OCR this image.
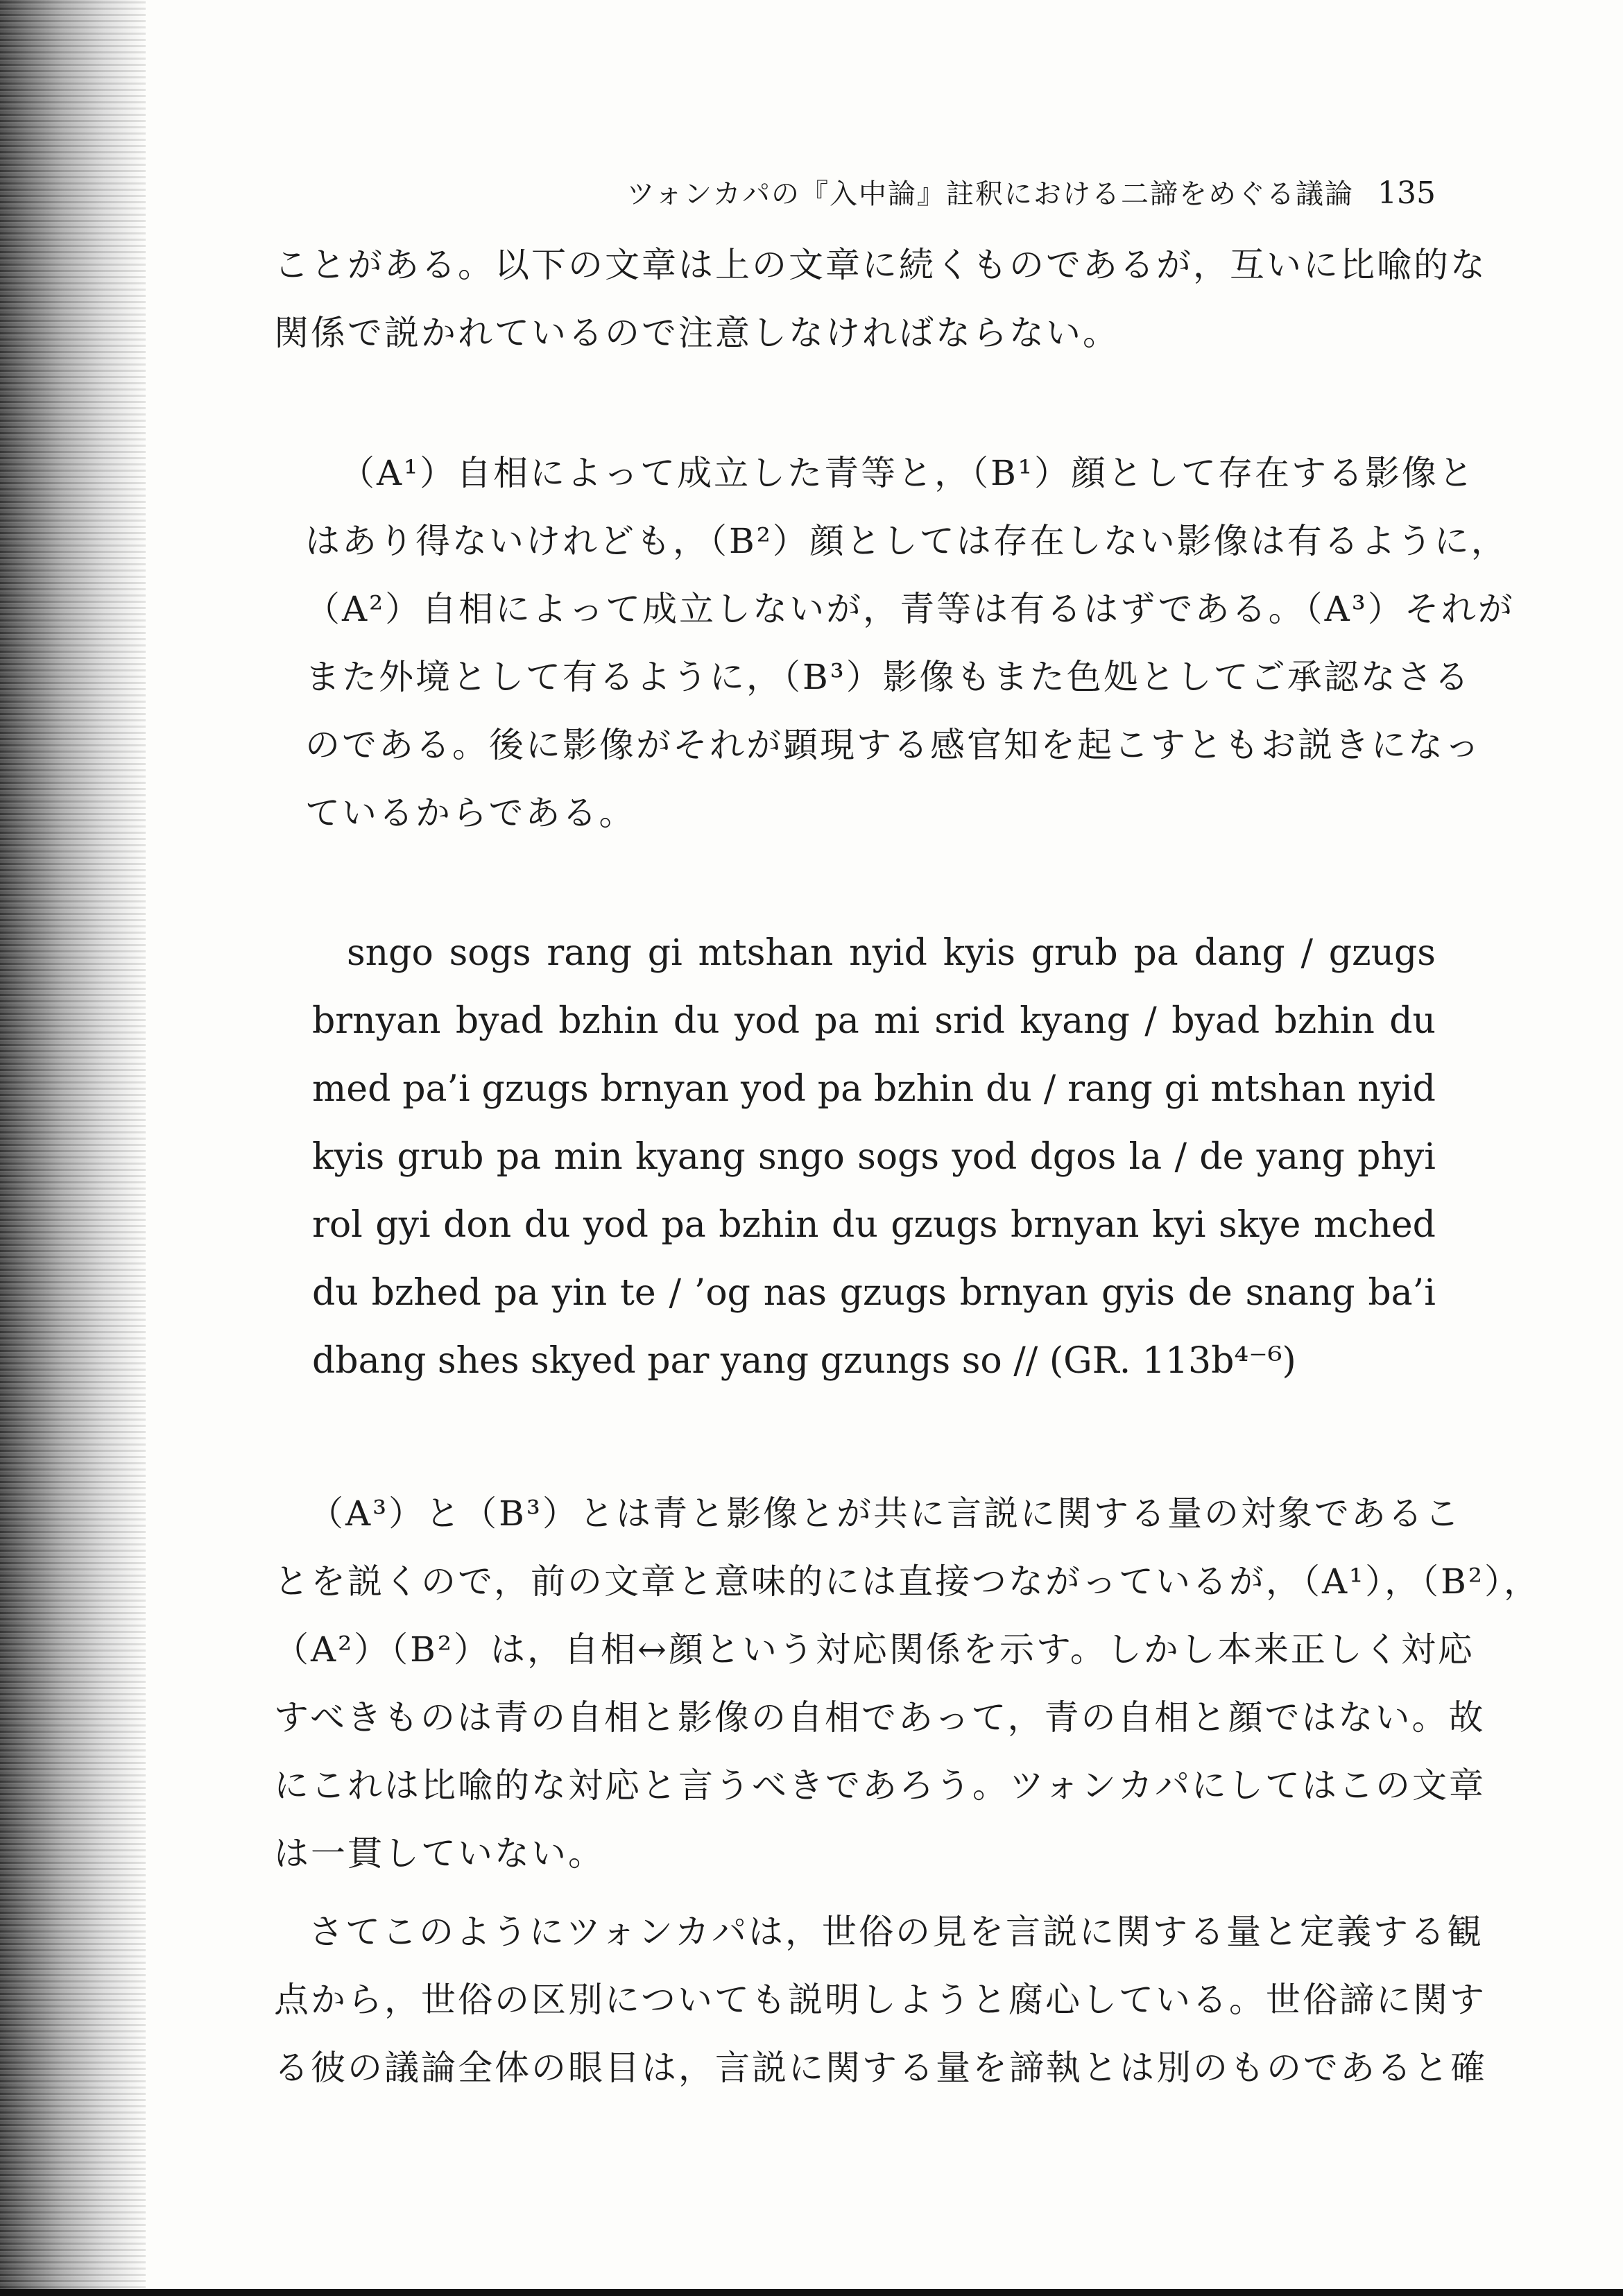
ツォンカパの『入中論』註釈における二諦をめぐる議論 135
ことがある。以下の文章は上の文章に続くものであるが，互いに比喩的な
関係で説かれているので注意しなければならない。
（A¹）自相によって成立した青等と，（B¹）顔として存在する影像と
はあり得ないけれども，（B²）顔としては存在しない影像は有るように，
（A²）自相によって成立しないが，青等は有るはずである。（A³）それが
また外境として有るように，（B³）影像もまた色処としてご承認なさる
のである。後に影像がそれが顕現する感官知を起こすともお説きになっ
ているからである。
sngo sogs rang gi mtshan nyid kyis grub pa dang / gzugs
brnyan byad bzhin du yod pa mi srid kyang / byad bzhin du
med pa’i gzugs brnyan yod pa bzhin du / rang gi mtshan nyid
kyis grub pa min kyang sngo sogs yod dgos la / de yang phyi
rol gyi don du yod pa bzhin du gzugs brnyan kyi skye mched
du bzhed pa yin te / ’og nas gzugs brnyan gyis de snang ba’i
dbang shes skyed par yang gzungs so // (GR. 113b⁴⁻⁶)
（A³）と（B³）とは青と影像とが共に言説に関する量の対象であるこ
とを説くので，前の文章と意味的には直接つながっているが，（A¹），（B²），
（A²）（B²）は，自相↔顔という対応関係を示す。しかし本来正しく対応
すべきものは青の自相と影像の自相であって，青の自相と顔ではない。故
にこれは比喩的な対応と言うべきであろう。ツォンカパにしてはこの文章
は一貫していない。
さてこのようにツォンカパは，世俗の見を言説に関する量と定義する観
点から，世俗の区別についても説明しようと腐心している。世俗諦に関す
る彼の議論全体の眼目は，言説に関する量を諦執とは別のものであると確
